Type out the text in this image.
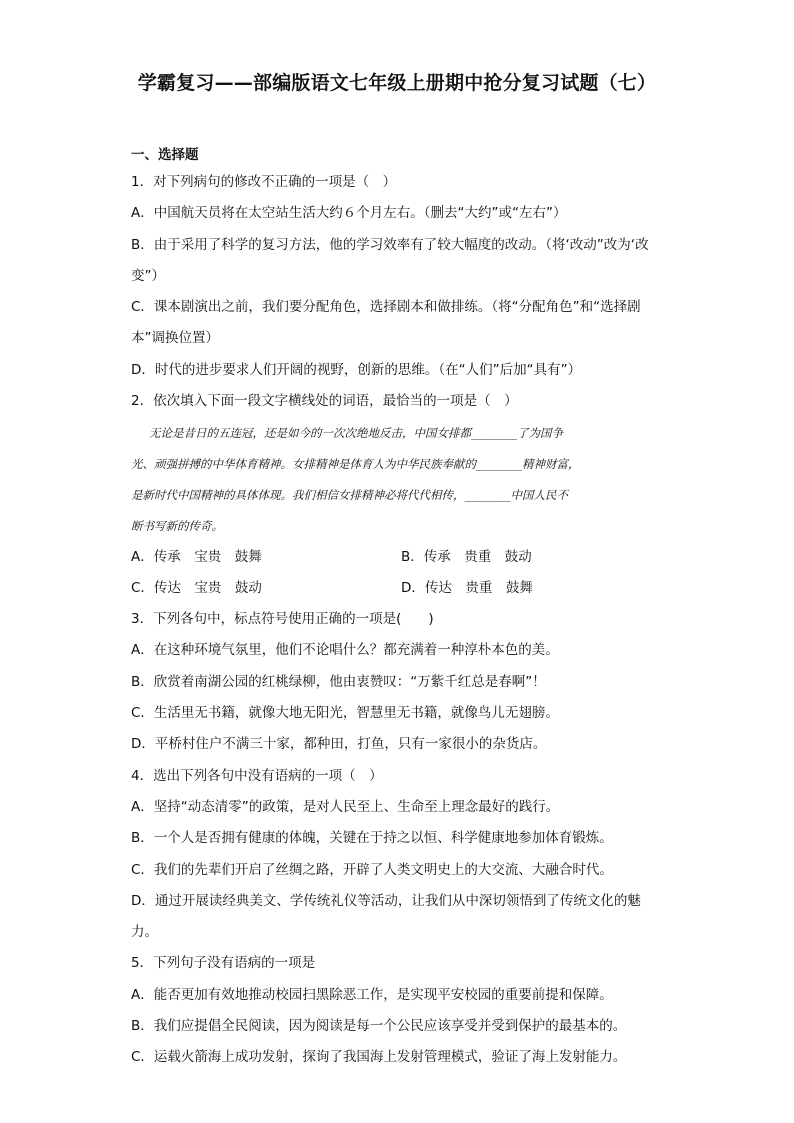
学霸复习——部编版语文七年级上册期中抢分复习试题（七）
一、选择题
1．对下列病句的修改不正确的一项是（　）
A．中国航天员将在太空站生活大约６个月左右。（删去“大约”或“左右”）
B．由于采用了科学的复习方法，他的学习效率有了较大幅度的改动。（将‘改动”改为‘改
变”）
C．课本剧演出之前，我们要分配角色，选择剧本和做排练。（将“分配角色”和“选择剧
本”调换位置）
D．时代的进步要求人们开阔的视野，创新的思维。（在“人们”后加“具有”）
2．依次填入下面一段文字横线处的词语，最恰当的一项是（　）
无论是昔日的五连冠，还是如今的一次次绝地反击，中国女排都________了为国争
光、顽强拼搏的中华体育精神。女排精神是体育人为中华民族奉献的________精神财富，
是新时代中国精神的具体体现。我们相信女排精神必将代代相传，________中国人民不
断书写新的传奇。
A．传承　宝贵　鼓舞	B．传承　贵重　鼓动
C．传达　宝贵　鼓动	D．传达　贵重　鼓舞
3．下列各句中，标点符号使用正确的一项是(　　)
A．在这种环境气氛里，他们不论唱什么？都充满着一种淳朴本色的美。
B．欣赏着南湖公园的红桃绿柳，他由衷赞叹：“万紫千红总是春啊”！
C．生活里无书籍，就像大地无阳光，智慧里无书籍，就像鸟儿无翅膀。
D．平桥村住户不满三十家，都种田，打鱼，只有一家很小的杂货店。
4．选出下列各句中没有语病的一项（　）
A．坚持“动态清零”的政策，是对人民至上、生命至上理念最好的践行。
B．一个人是否拥有健康的体魄，关键在于持之以恒、科学健康地参加体育锻炼。
C．我们的先辈们开启了丝绸之路，开辟了人类文明史上的大交流、大融合时代。
D．通过开展读经典美文、学传统礼仪等活动，让我们从中深切领悟到了传统文化的魅
力。
5．下列句子没有语病的一项是
A．能否更加有效地推动校园扫黑除恶工作，是实现平安校园的重要前提和保障。
B．我们应提倡全民阅读，因为阅读是每一个公民应该享受并受到保护的最基本的。
C．运载火箭海上成功发射，探询了我国海上发射管理模式，验证了海上发射能力。
